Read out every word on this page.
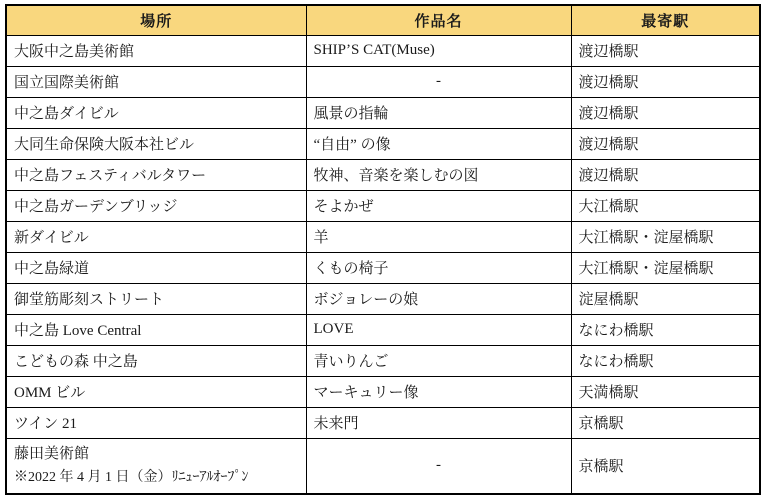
場所	作品名	最寄駅
大阪中之島美術館	SHIP’S CAT(Muse)	渡辺橋駅
国立国際美術館	-	渡辺橋駅
中之島ダイビル	風景の指輪	渡辺橋駅
大同生命保険大阪本社ビル	“自由” の像	渡辺橋駅
中之島フェスティバルタワー	牧神、音楽を楽しむの図	渡辺橋駅
中之島ガーデンブリッジ	そよかぜ	大江橋駅
新ダイビル	羊	大江橋駅・淀屋橋駅
中之島緑道	くもの椅子	大江橋駅・淀屋橋駅
御堂筋彫刻ストリート	ボジョレーの娘	淀屋橋駅
中之島 Love Central	LOVE	なにわ橋駅
こどもの森 中之島	青いりんご	なにわ橋駅
OMM ビル	マーキュリー像	天満橋駅
ツイン 21	未来門	京橋駅

藤田美術館
※2022 年 4 月 1 日（金）ﾘﾆｭｰｱﾙｵｰﾌﾟﾝ	-	京橋駅
